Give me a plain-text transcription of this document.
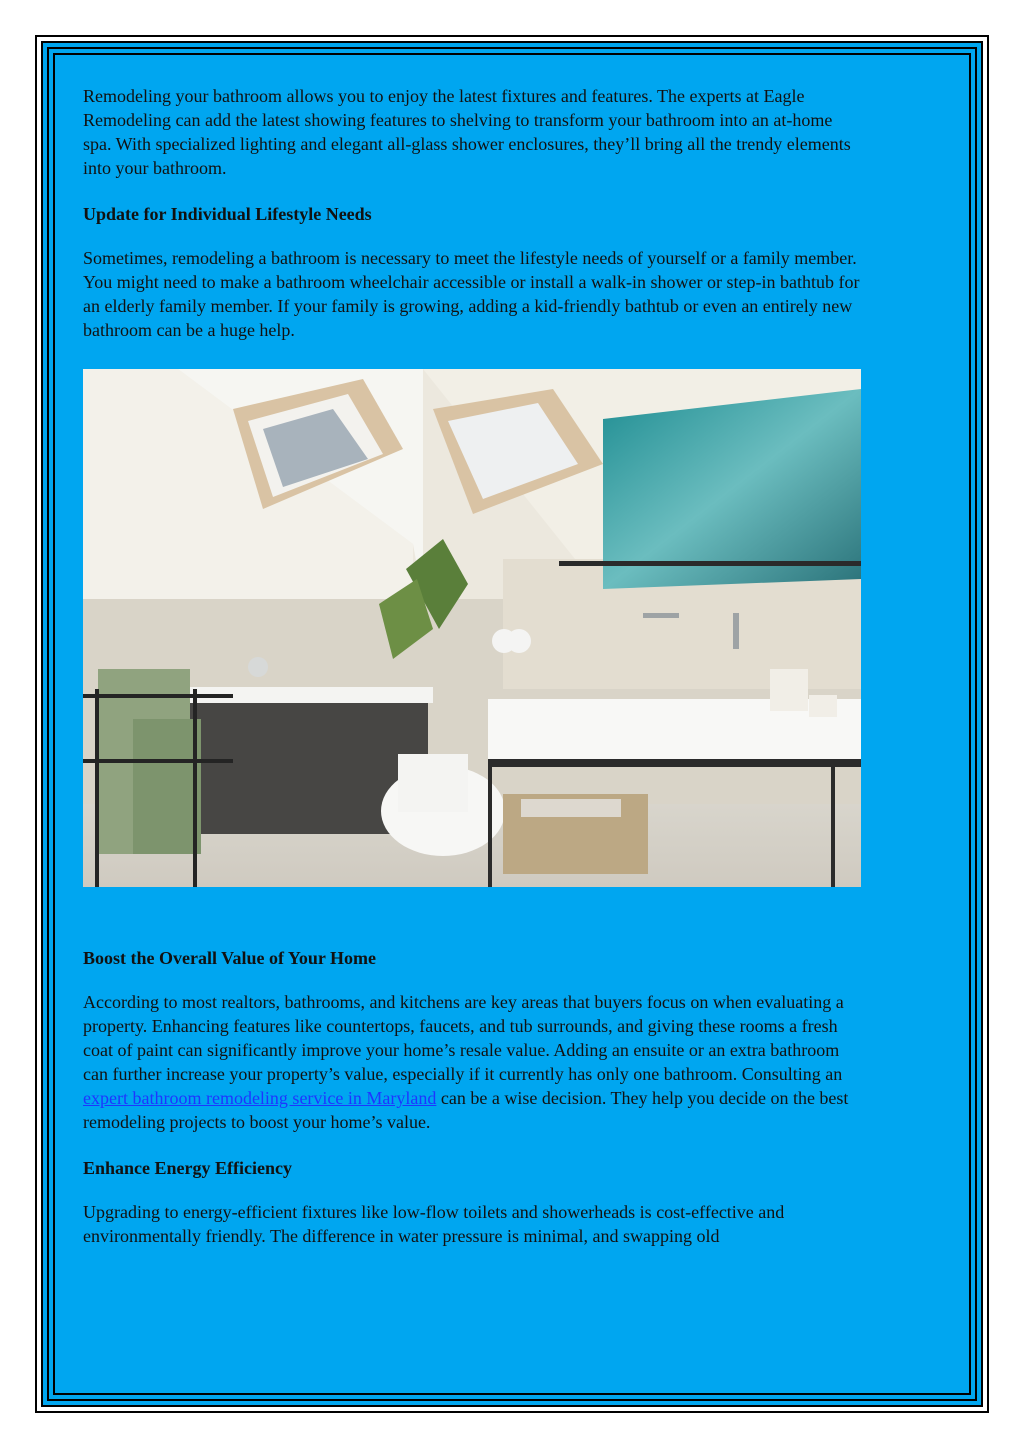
Remodeling your bathroom allows you to enjoy the latest fixtures and features. The experts at Eagle Remodeling can add the latest showing features to shelving to transform your bathroom into an at-home spa. With specialized lighting and elegant all-glass shower enclosures, they’ll bring all the trendy elements into your bathroom.

Update for Individual Lifestyle Needs

Sometimes, remodeling a bathroom is necessary to meet the lifestyle needs of yourself or a family member. You might need to make a bathroom wheelchair accessible or install a walk-in shower or step-in bathtub for an elderly family member. If your family is growing, adding a kid-friendly bathtub or even an entirely new bathroom can be a huge help.

Boost the Overall Value of Your Home

According to most realtors, bathrooms, and kitchens are key areas that buyers focus on when evaluating a property. Enhancing features like countertops, faucets, and tub surrounds, and giving these rooms a fresh coat of paint can significantly improve your home’s resale value. Adding an ensuite or an extra bathroom can further increase your property’s value, especially if it currently has only one bathroom. Consulting an expert bathroom remodeling service in Maryland can be a wise decision. They help you decide on the best remodeling projects to boost your home’s value.

Enhance Energy Efficiency

Upgrading to energy-efficient fixtures like low-flow toilets and showerheads is cost-effective and environmentally friendly. The difference in water pressure is minimal, and swapping old
